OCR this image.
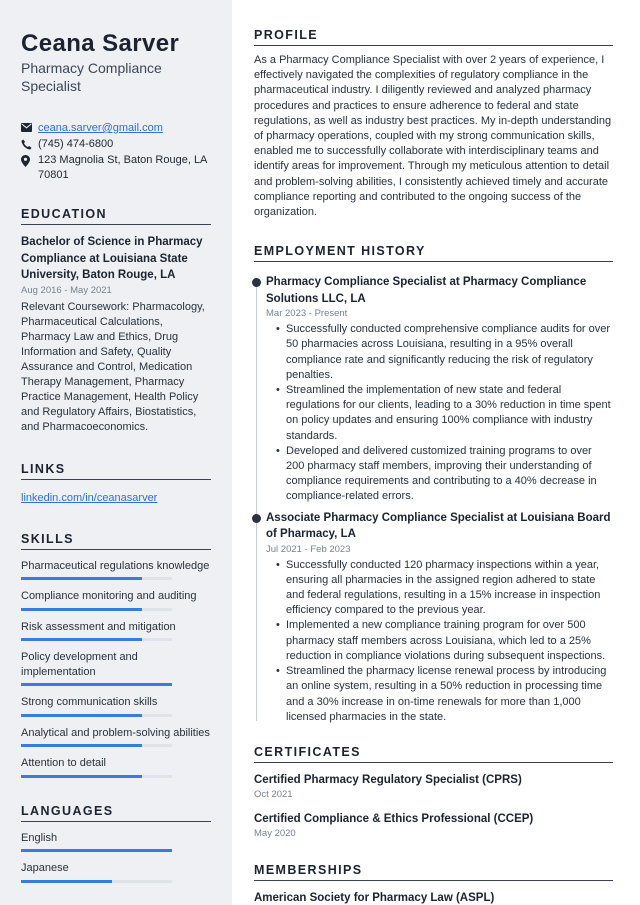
Ceana Sarver
Pharmacy Compliance Specialist
ceana.sarver@gmail.com
(745) 474-6800
123 Magnolia St, Baton Rouge, LA 70801
EDUCATION
Bachelor of Science in Pharmacy Compliance at Louisiana State University, Baton Rouge, LA
Aug 2016 - May 2021
Relevant Coursework: Pharmacology, Pharmaceutical Calculations, Pharmacy Law and Ethics, Drug Information and Safety, Quality Assurance and Control, Medication Therapy Management, Pharmacy Practice Management, Health Policy and Regulatory Affairs, Biostatistics, and Pharmacoeconomics.
LINKS
linkedin.com/in/ceanasarver
SKILLS
Pharmaceutical regulations knowledge
Compliance monitoring and auditing
Risk assessment and mitigation
Policy development and implementation
Strong communication skills
Analytical and problem-solving abilities
Attention to detail
LANGUAGES
English
Japanese
PROFILE

As a Pharmacy Compliance Specialist with over 2 years of experience, I effectively navigated the complexities of regulatory compliance in the pharmaceutical industry. I diligently reviewed and analyzed pharmacy procedures and practices to ensure adherence to federal and state regulations, as well as industry best practices. My in-depth understanding of pharmacy operations, coupled with my strong communication skills, enabled me to successfully collaborate with interdisciplinary teams and identify areas for improvement. Through my meticulous attention to detail and problem-solving abilities, I consistently achieved timely and accurate compliance reporting and contributed to the ongoing success of the organization.

EMPLOYMENT HISTORY
Pharmacy Compliance Specialist at Pharmacy Compliance Solutions LLC, LA
Mar 2023 - Present
• Successfully conducted comprehensive compliance audits for over 50 pharmacies across Louisiana, resulting in a 95% overall compliance rate and significantly reducing the risk of regulatory penalties.
• Streamlined the implementation of new state and federal regulations for our clients, leading to a 30% reduction in time spent on policy updates and ensuring 100% compliance with industry standards.
• Developed and delivered customized training programs to over 200 pharmacy staff members, improving their understanding of compliance requirements and contributing to a 40% decrease in compliance-related errors.
Associate Pharmacy Compliance Specialist at Louisiana Board of Pharmacy, LA
Jul 2021 - Feb 2023
• Successfully conducted 120 pharmacy inspections within a year, ensuring all pharmacies in the assigned region adhered to state and federal regulations, resulting in a 15% increase in inspection efficiency compared to the previous year.
• Implemented a new compliance training program for over 500 pharmacy staff members across Louisiana, which led to a 25% reduction in compliance violations during subsequent inspections.
• Streamlined the pharmacy license renewal process by introducing an online system, resulting in a 50% reduction in processing time and a 30% increase in on-time renewals for more than 1,000 licensed pharmacies in the state.
CERTIFICATES
Certified Pharmacy Regulatory Specialist (CPRS)
Oct 2021
Certified Compliance & Ethics Professional (CCEP)
May 2020
MEMBERSHIPS
American Society for Pharmacy Law (ASPL)
